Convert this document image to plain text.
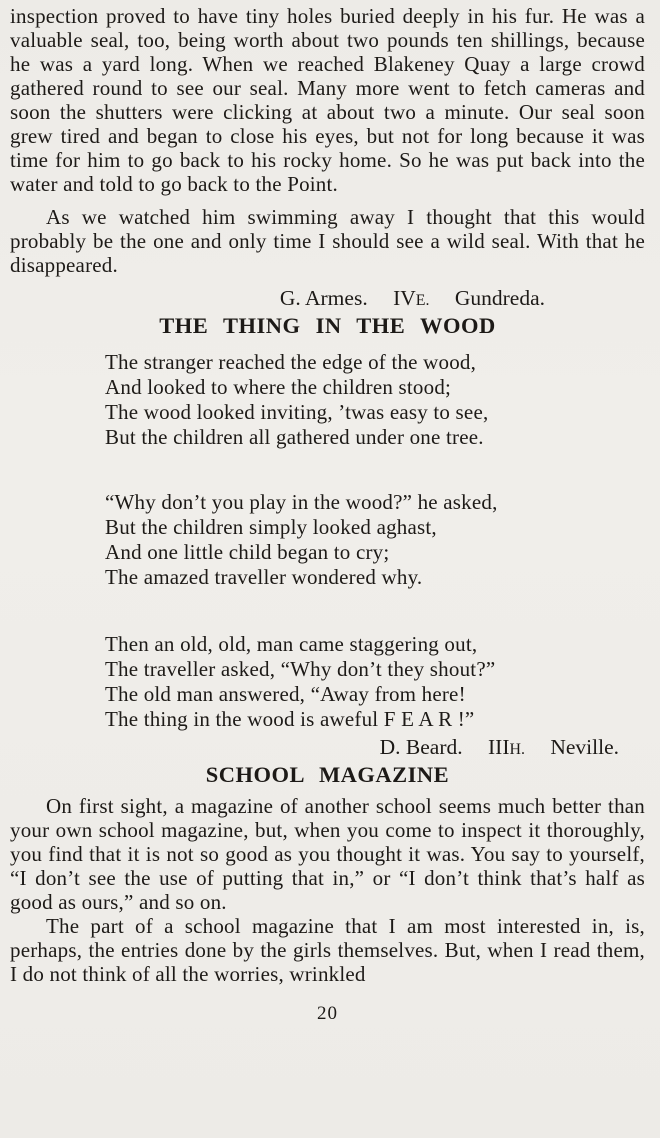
inspection proved to have tiny holes buried deeply in his fur. He was a valuable seal, too, being worth about two pounds ten shillings, because he was a yard long. When we reached Blakeney Quay a large crowd gathered round to see our seal. Many more went to fetch cameras and soon the shutters were clicking at about two a minute. Our seal soon grew tired and began to close his eyes, but not for long because it was time for him to go back to his rocky home. So he was put back into the water and told to go back to the Point.

As we watched him swimming away I thought that this would probably be the one and only time I should see a wild seal. With that he disappeared.

G. Armes. IVE. Gundreda.
THE THING IN THE WOOD
The stranger reached the edge of the wood,
And looked to where the children stood;
The wood looked inviting, ’twas easy to see,
But the children all gathered under one tree.
“Why don’t you play in the wood?” he asked,
But the children simply looked aghast,
And one little child began to cry;
The amazed traveller wondered why.
Then an old, old, man came staggering out,
The traveller asked, “Why don’t they shout?”
The old man answered, “Away from here!
The thing in the wood is aweful F E A R !”
D. Beard. IIIH. Neville.
SCHOOL MAGAZINE

On first sight, a magazine of another school seems much better than your own school magazine, but, when you come to inspect it thoroughly, you find that it is not so good as you thought it was. You say to yourself, “I don’t see the use of putting that in,” or “I don’t think that’s half as good as ours,” and so on.

The part of a school magazine that I am most interested in, is, perhaps, the entries done by the girls themselves. But, when I read them, I do not think of all the worries, wrinkled

20
